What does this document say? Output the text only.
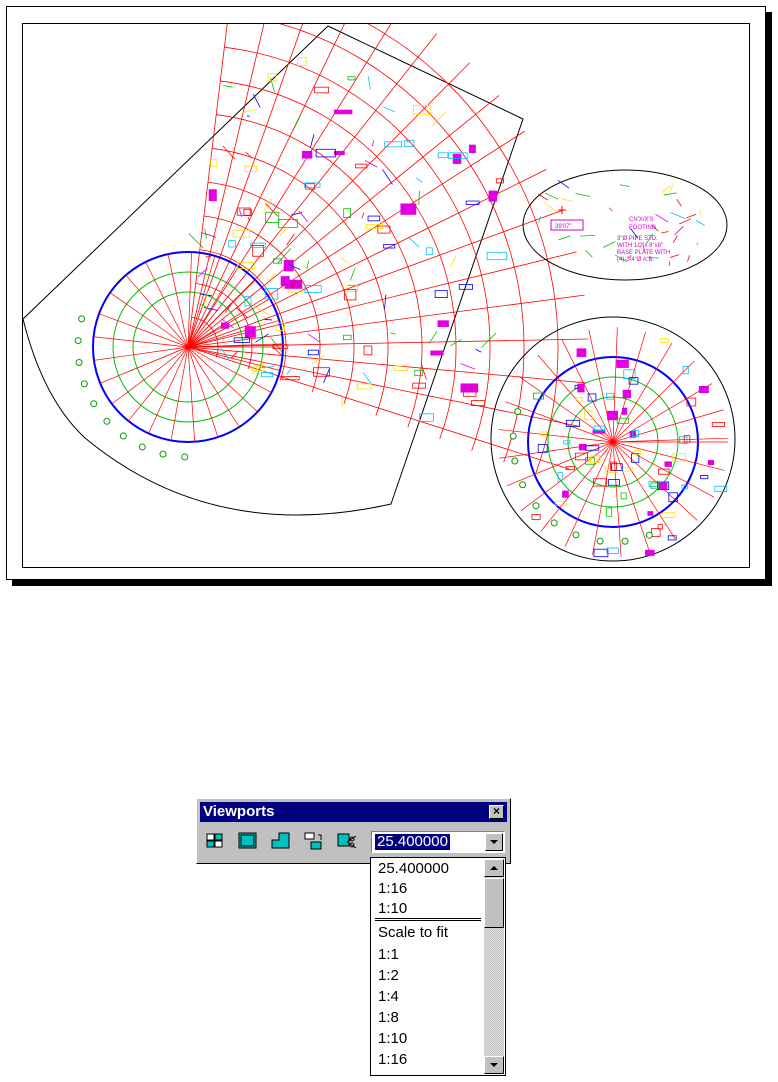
CN'X/X'S
FOOTING
3"Ø PIPE STD.
WITH 1/2"x 8"x8"
BASE PLATE WITH
(4)-3/4"Ø A.B.
39'07"
Viewports	×
25.400000
25.400000
1:16
1:10
Scale to fit
1:1
1:2
1:4
1:8
1:10
1:16
